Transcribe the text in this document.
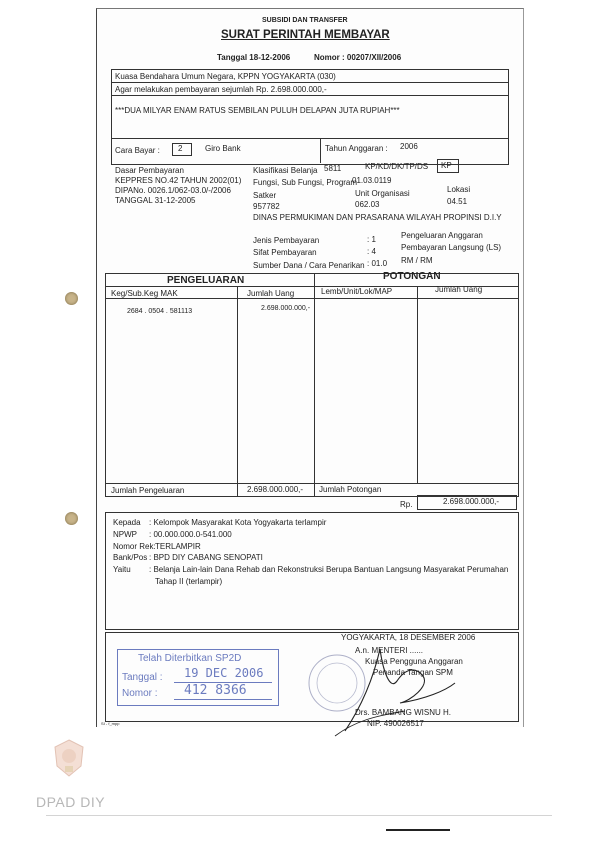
SUBSIDI DAN TRANSFER
SURAT PERINTAH MEMBAYAR
Tanggal 18-12-2006	Nomor : 00207/XII/2006
Kuasa Bendahara Umum Negara, KPPN YOGYAKARTA (030)
Agar melakukan pembayaran sejumlah Rp. 2.698.000.000,-
***DUA MILYAR ENAM RATUS SEMBILAN PULUH DELAPAN JUTA RUPIAH***
Cara Bayar : 2	Giro Bank	Tahun Anggaran : 2006
Dasar Pembayaran
KEPPRES NO.42 TAHUN 2002(01)
DIPANo. 0026.1/062-03.0/-/2006
TANGGAL 31-12-2005
Klasifikasi Belanja 5811	KP/KD/DK/TP/DS KP
Fungsi, Sub Fungsi, Program
01.03.0119
Satker	Unit Organisasi	Lokasi
957782	062.03	04.51
DINAS PERMUKIMAN DAN PRASARANA WILAYAH PROPINSI D.I.Y
Jenis Pembayaran	: 1	Pengeluaran Anggaran
Sifat Pembayaran	: 4	Pembayaran Langsung (LS)
Sumber Dana / Cara Penarikan : 01.0 RM / RM
PENGELUARAN	POTONGAN
Keg/Sub.Keg MAK	Jumlah Uang	Lemb/Unit/Lok/MAP	Jumlah Uang
2684 . 0504 . 581113	2.698.000.000,-
Jumlah Pengeluaran	2.698.000.000,- Jumlah Potongan
Rp.	2.698.000.000,-
Kepada : Kelompok Masyarakat Kota Yogyakarta terlampir
NPWP : 00.000.000.0-541.000
Nomor Rek: TERLAMPIR
Bank/Pos : BPD DIY CABANG SENOPATI
Yaitu : Belanja Lain-lain Dana Rehab dan Rekonstruksi Berupa Bantuan Langsung Masyarakat Perumahan
Tahap II (terlampir)
YOGYAKARTA, 18 DESEMBER 2006
A.n. MENTERI ......
Kuasa Pengguna Anggaran
Penanda Tangan SPM
Drs. BAMBANG WISNU H.
NIP. 490026517
Telah Diterbitkan SP2D
Tanggal : 19 DEC 2006
Nomor : 412 8366
SI - f_mpp
DPAD DIY
